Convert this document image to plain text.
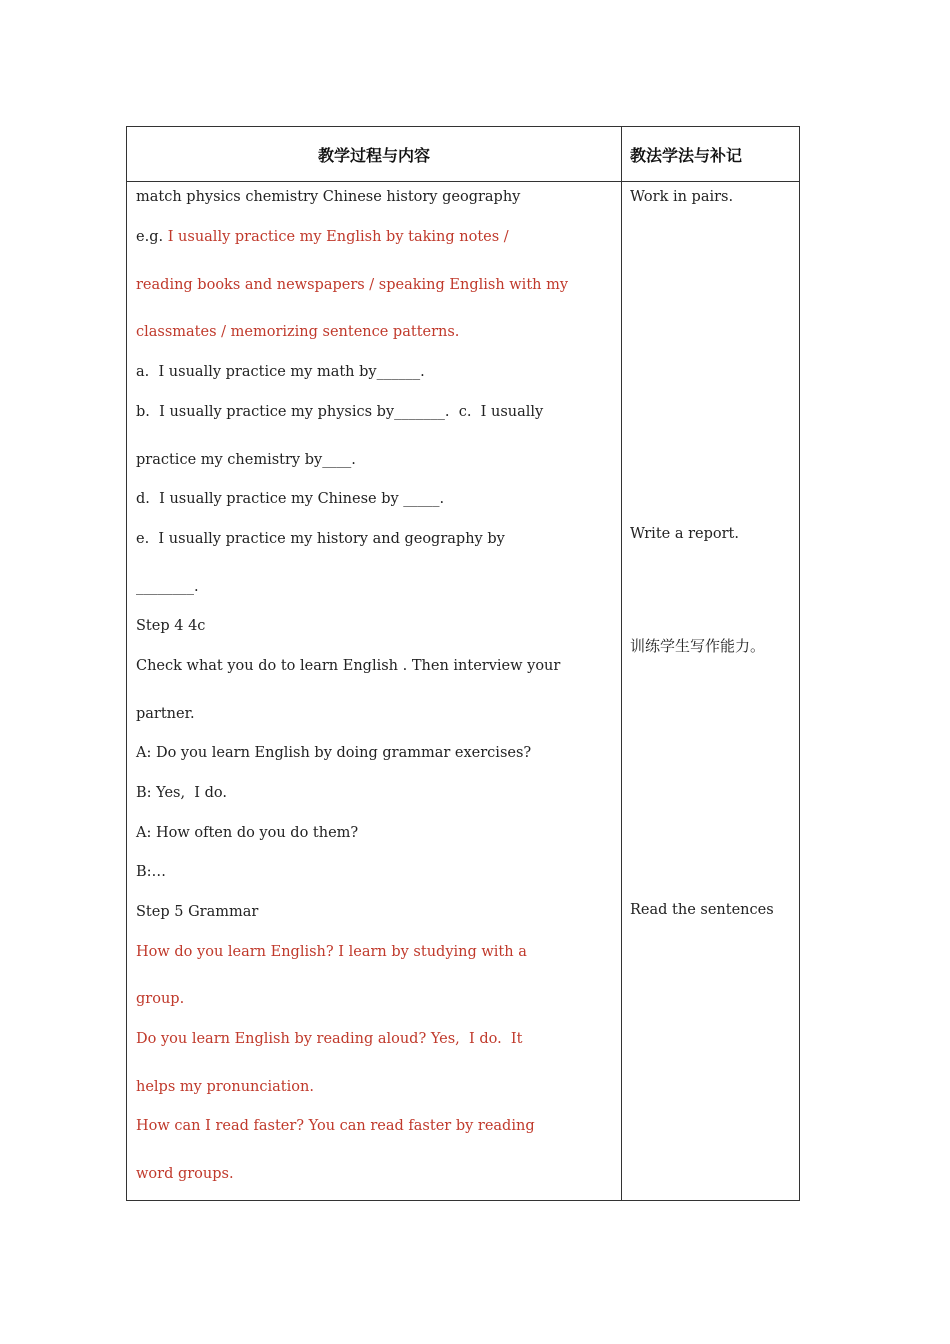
教学过程与内容	教法学法与补记
match physics chemistry Chinese history geography
e.g. I usually practice my English by taking notes /
reading books and newspapers / speaking English with my
classmates / memorizing sentence patterns.
a.  I usually practice my math by______.
b.  I usually practice my physics by_______.  c.  I usually
practice my chemistry by____.
d.  I usually practice my Chinese by _____.
e.  I usually practice my history and geography by
________.
Step 4 4c
Check what you do to learn English . Then interview your
partner.
A: Do you learn English by doing grammar exercises?
B: Yes,  I do.
A: How often do you do them?
B:…
Step 5 Grammar
How do you learn English? I learn by studying with a
group.
Do you learn English by reading aloud? Yes,  I do.  It
helps my pronunciation.
How can I read faster? You can read faster by reading
word groups.
Work in pairs.
Write a report.
训练学生写作能力。
Read the sentences
